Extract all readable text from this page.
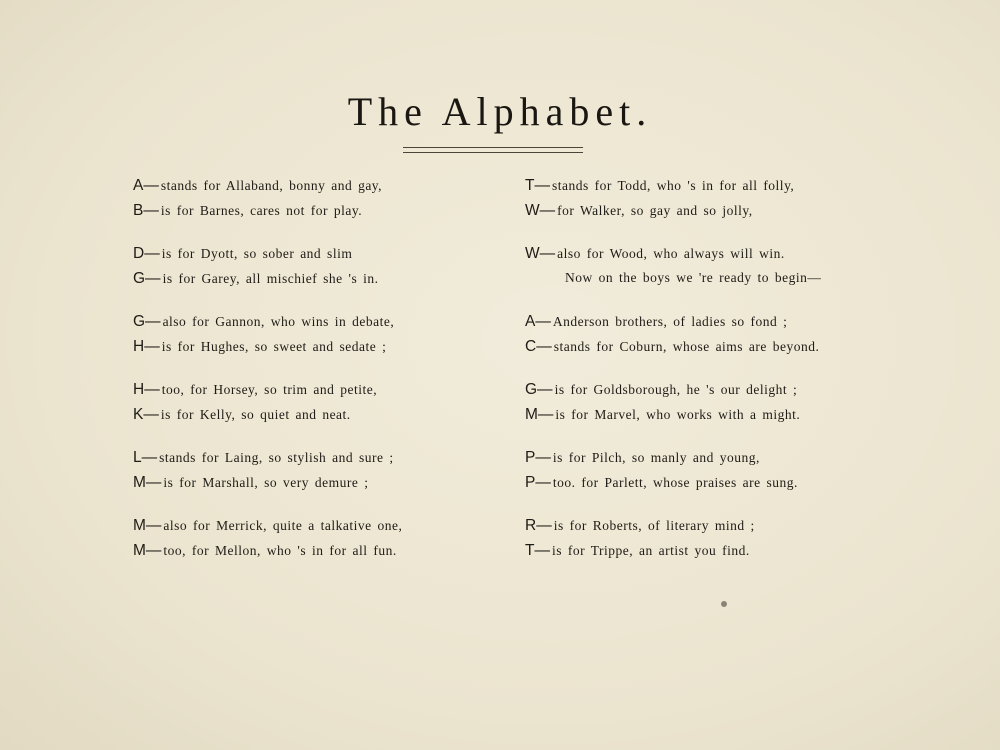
The Alphabet.
A— stands for Allaband, bonny and gay,
B— is for Barnes, cares not for play.
D— is for Dyott, so sober and slim
G— is for Garey, all mischief she 's in.
G— also for Gannon, who wins in debate,
H— is for Hughes, so sweet and sedate ;
H— too, for Horsey, so trim and petite,
K— is for Kelly, so quiet and neat.
L— stands for Laing, so stylish and sure ;
M— is for Marshall, so very demure ;
M— also for Merrick, quite a talkative one,
M— too, for Mellon, who 's in for all fun.
T— stands for Todd, who 's in for all folly,
W— for Walker, so gay and so jolly,
W— also for Wood, who always will win.
Now on the boys we 're ready to begin—
A— Anderson brothers, of ladies so fond ;
C— stands for Coburn, whose aims are beyond.
G— is for Goldsborough, he 's our delight ;
M— is for Marvel, who works with a might.
P— is for Pilch, so manly and young,
P— too. for Parlett, whose praises are sung.
R— is for Roberts, of literary mind ;
T— is for Trippe, an artist you find.
